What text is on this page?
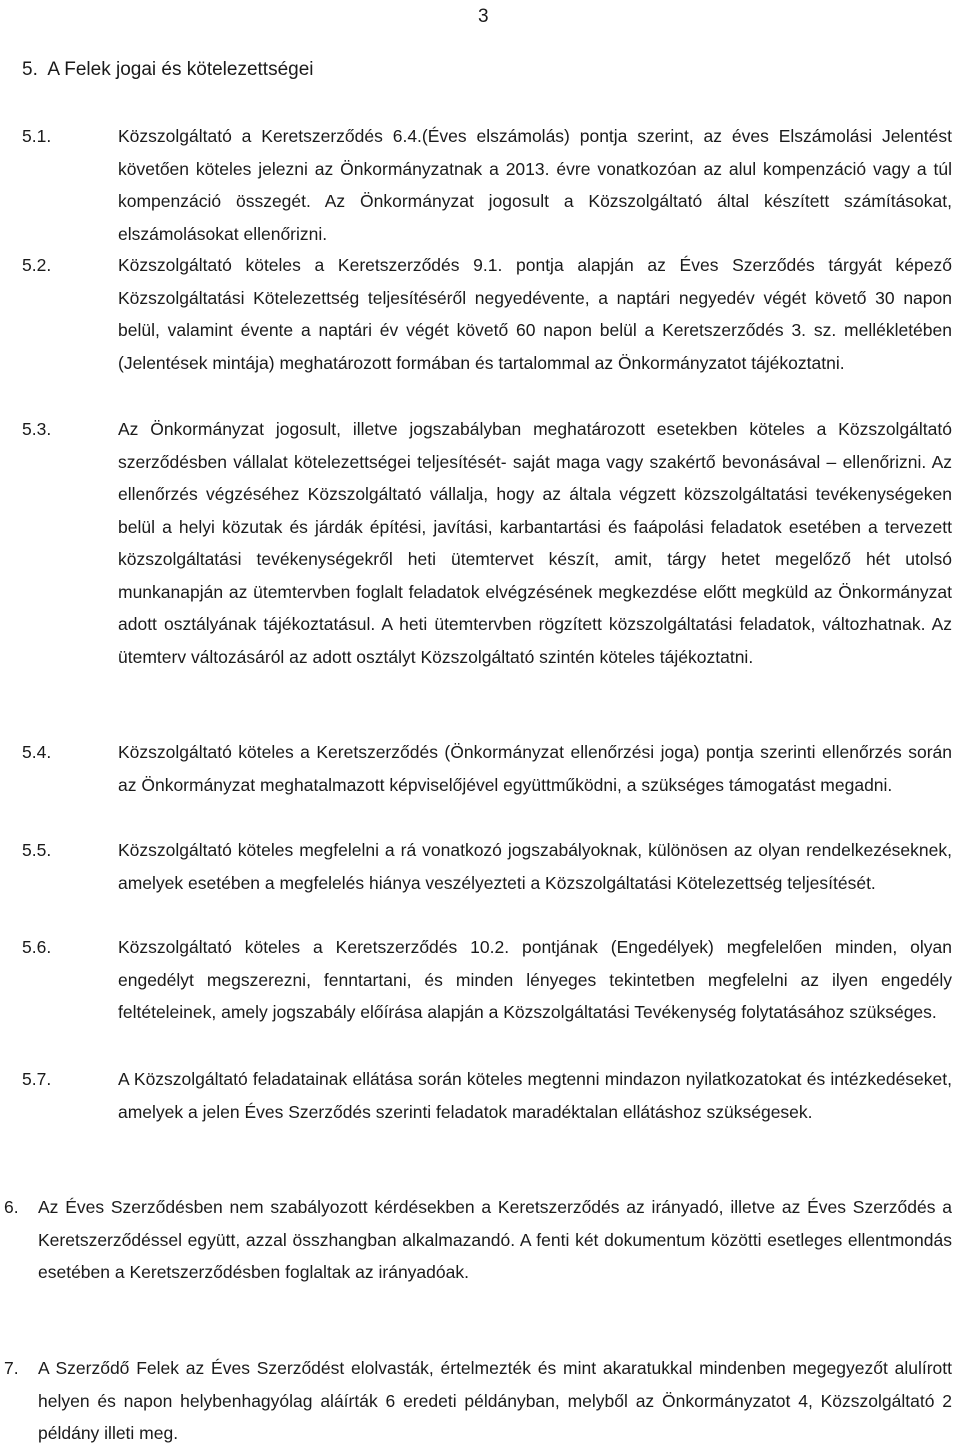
3
5.  A Felek jogai és kötelezettségei
5.1.	Közszolgáltató a Keretszerződés 6.4.(Éves elszámolás) pontja szerint, az éves Elszámolási Jelentést követően köteles jelezni az Önkormányzatnak a 2013. évre vonatkozóan az alul kompenzáció vagy a túl kompenzáció összegét. Az Önkormányzat jogosult a Közszolgáltató által készített számításokat, elszámolásokat ellenőrizni.
5.2.	Közszolgáltató köteles a Keretszerződés 9.1. pontja alapján az Éves Szerződés tárgyát képező Közszolgáltatási Kötelezettség teljesítéséről negyedévente, a naptári negyedév végét követő 30 napon belül, valamint évente a naptári év végét követő 60 napon belül a Keretszerződés 3. sz. mellékletében (Jelentések mintája) meghatározott formában és tartalommal az Önkormányzatot tájékoztatni.
5.3.	Az Önkormányzat jogosult, illetve jogszabályban meghatározott esetekben köteles a Közszolgáltató szerződésben vállalat kötelezettségei teljesítését- saját maga vagy szakértő bevonásával – ellenőrizni. Az ellenőrzés végzéséhez Közszolgáltató vállalja, hogy az általa végzett közszolgáltatási tevékenységeken belül a helyi közutak és járdák építési, javítási, karbantartási és faápolási feladatok esetében a tervezett közszolgáltatási tevékenységekről heti ütemtervet készít, amit, tárgy hetet megelőző hét utolsó munkanapján az ütemtervben foglalt feladatok elvégzésének megkezdése előtt megküld az Önkormányzat adott osztályának tájékoztatásul. A heti ütemtervben rögzített közszolgáltatási feladatok, változhatnak. Az ütemterv változásáról az adott osztályt Közszolgáltató szintén köteles tájékoztatni.
5.4.	Közszolgáltató köteles a Keretszerződés (Önkormányzat ellenőrzési joga) pontja szerinti ellenőrzés során az Önkormányzat meghatalmazott képviselőjével együttműködni, a szükséges támogatást megadni.
5.5.	Közszolgáltató köteles megfelelni a rá vonatkozó jogszabályoknak, különösen az olyan rendelkezéseknek, amelyek esetében a megfelelés hiánya veszélyezteti a Közszolgáltatási Kötelezettség teljesítését.
5.6.	Közszolgáltató köteles a Keretszerződés 10.2. pontjának (Engedélyek) megfelelően minden, olyan engedélyt megszerezni, fenntartani, és minden lényeges tekintetben megfelelni az ilyen engedély feltételeinek, amely jogszabály előírása alapján a Közszolgáltatási Tevékenység folytatásához szükséges.
5.7.	A Közszolgáltató feladatainak ellátása során köteles megtenni mindazon nyilatkozatokat és intézkedéseket, amelyek a jelen Éves Szerződés szerinti feladatok maradéktalan ellátáshoz szükségesek.
6. Az Éves Szerződésben nem szabályozott kérdésekben a Keretszerződés az irányadó, illetve az Éves Szerződés a Keretszerződéssel együtt, azzal összhangban alkalmazandó. A fenti két dokumentum közötti esetleges ellentmondás esetében a Keretszerződésben foglaltak az irányadóak.
7. A Szerződő Felek az Éves Szerződést elolvasták, értelmezték és mint akaratukkal mindenben megegyezőt alulírott helyen és napon helybenhagyólag aláírták 6 eredeti példányban, melyből az Önkormányzatot 4, Közszolgáltató 2 példány illeti meg.
